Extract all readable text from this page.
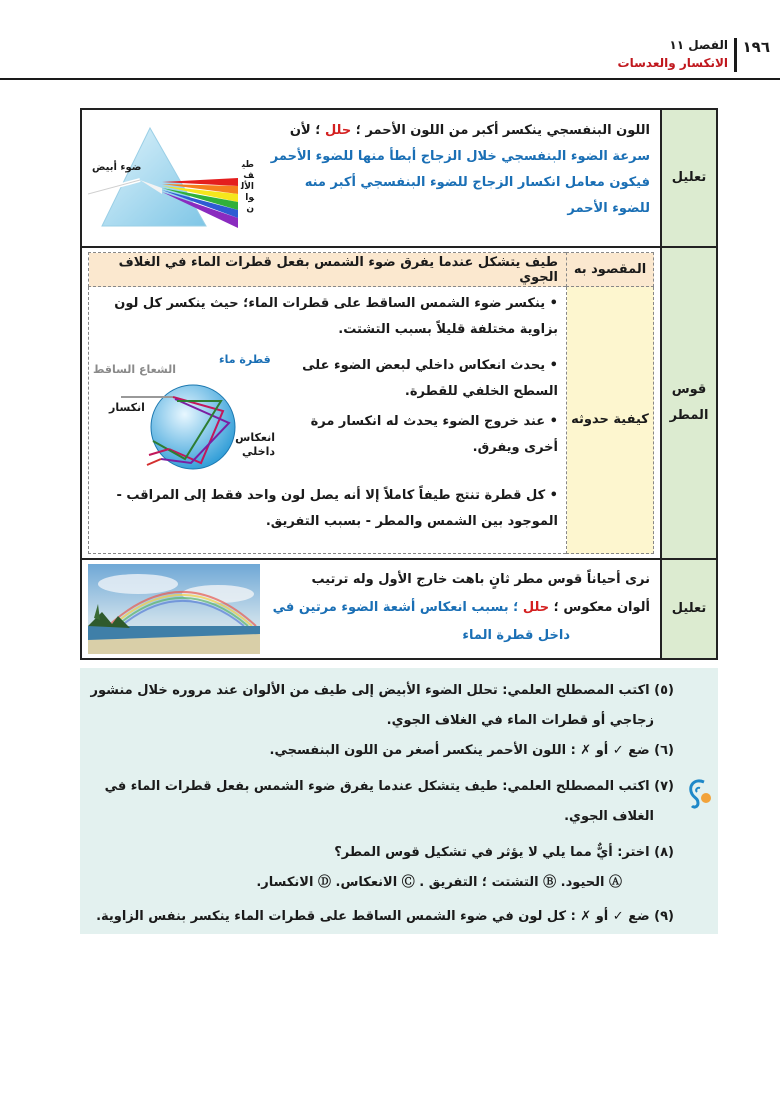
١٩٦
الفصل ١١
الانكسار والعدسات
تعليل	
اللون البنفسجي ينكسر أكبر من اللون الأحمر ؛ حلل ؛ لأن
سرعة الضوء البنفسجي خلال الزجاج أبطأ منها للضوء الأحمر
فيكون معامل انكسار الزجاج للضوء البنفسجي أكبر منه
للضوء الأحمر
ضوء أبيض	طيف الألوان

قوس المطر	
المقصود به	طيف يتشكل عندما يفرق ضوء الشمس بفعل قطرات الماء في الغلاف الجوي
كيفية حدوثه	
• ينكسر ضوء الشمس الساقط على قطرات الماء؛ حيث ينكسر كل لون بزاوية مختلفة قليلاً بسبب التشتت.
• يحدث انعكاس داخلي لبعض الضوء على السطح الخلفي للقطرة.
• عند خروج الضوء يحدث له انكسار مرة أخرى ويفرق.
• كل قطرة تنتج طيفاً كاملاً إلا أنه يصل لون واحد فقط إلى المراقب - الموجود بين الشمس والمطر - بسبب التفريق.
قطرة ماء
الشعاع الساقط
انكسار
انعكاس داخلي

تعليل	
نرى أحياناً قوس مطر ثانٍ باهت خارج الأول وله ترتيب
ألوان معكوس ؛ حلل ؛ بسبب انعكاس أشعة الضوء مرتين في
داخل قطرة الماء
(٥) اكتب المصطلح العلمي: تحلل الضوء الأبيض إلى طيف من الألوان عند مروره خلال منشور
زجاجي أو قطرات الماء في الغلاف الجوي.
(٦) ضع ✓ أو ✗ : اللون الأحمر ينكسر أصغر من اللون البنفسجي.
(٧) اكتب المصطلح العلمي: طيف يتشكل عندما يفرق ضوء الشمس بفعل قطرات الماء في
الغلاف الجوي.
(٨) اختر: أيٌّ مما يلي لا يؤثر في تشكيل قوس المطر؟
Ⓐ الحيود. Ⓑ التشتت ؛ التفريق . Ⓒ الانعكاس. Ⓓ الانكسار.
(٩) ضع ✓ أو ✗ : كل لون في ضوء الشمس الساقط على قطرات الماء ينكسر بنفس الزاوية.
